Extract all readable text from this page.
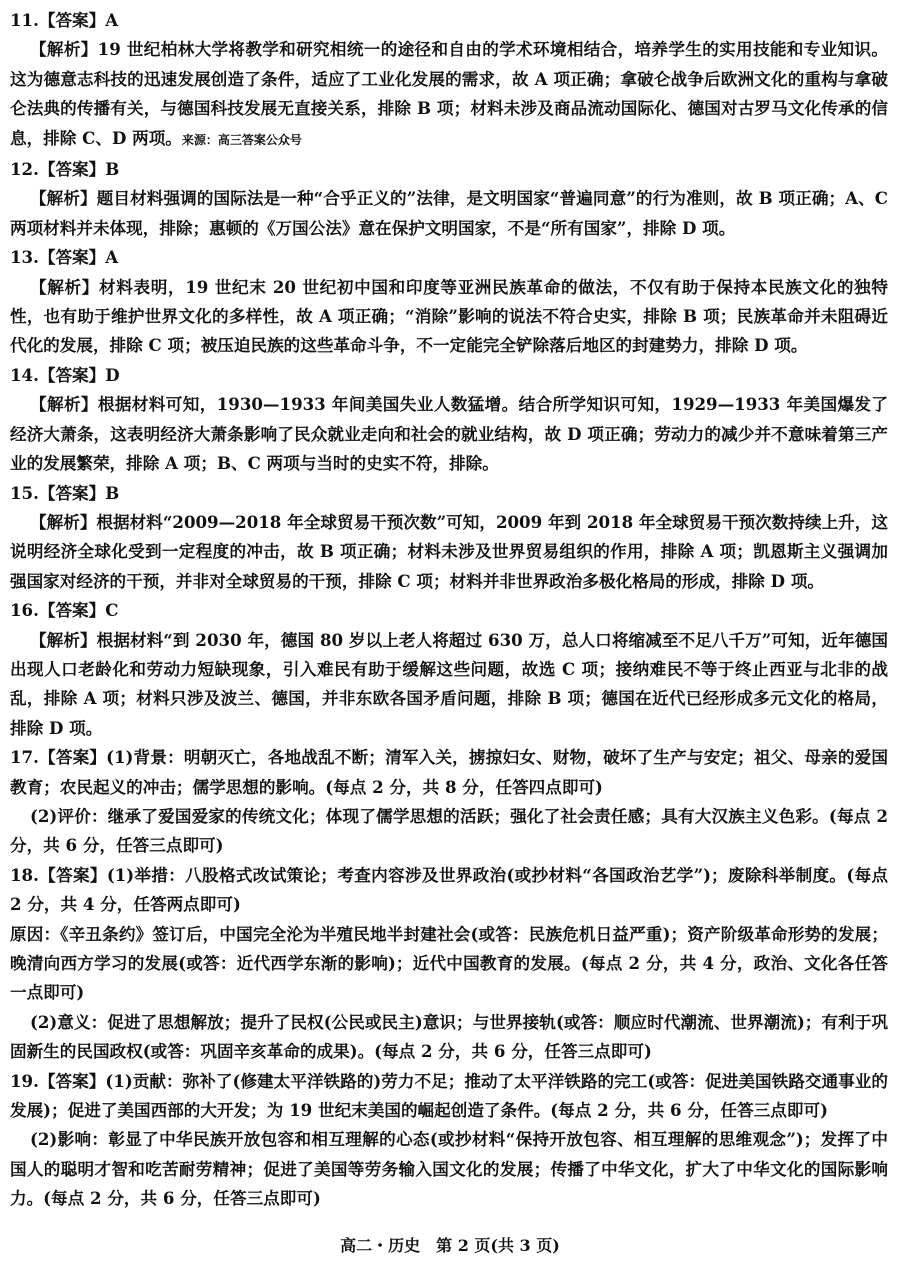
11.【答案】A

【解析】19 世纪柏林大学将教学和研究相统一的途径和自由的学术环境相结合，培养学生的实用技能和专业知识。这为德意志科技的迅速发展创造了条件，适应了工业化发展的需求，故 A 项正确；拿破仑战争后欧洲文化的重构与拿破仑法典的传播有关，与德国科技发展无直接关系，排除 B 项；材料未涉及商品流动国际化、德国对古罗马文化传承的信息，排除 C、D 两项。来源：高三答案公众号

12.【答案】B

【解析】题目材料强调的国际法是一种“合乎正义的”法律，是文明国家“普遍同意”的行为准则，故 B 项正确；A、C 两项材料并未体现，排除；惠顿的《万国公法》意在保护文明国家，不是“所有国家”，排除 D 项。

13.【答案】A

【解析】材料表明，19 世纪末 20 世纪初中国和印度等亚洲民族革命的做法，不仅有助于保持本民族文化的独特性，也有助于维护世界文化的多样性，故 A 项正确；“消除”影响的说法不符合史实，排除 B 项；民族革命并未阻碍近代化的发展，排除 C 项；被压迫民族的这些革命斗争，不一定能完全铲除落后地区的封建势力，排除 D 项。

14.【答案】D

【解析】根据材料可知，1930—1933 年间美国失业人数猛增。结合所学知识可知，1929—1933 年美国爆发了经济大萧条，这表明经济大萧条影响了民众就业走向和社会的就业结构，故 D 项正确；劳动力的减少并不意味着第三产业的发展繁荣，排除 A 项；B、C 两项与当时的史实不符，排除。

15.【答案】B

【解析】根据材料“2009—2018 年全球贸易干预次数”可知，2009 年到 2018 年全球贸易干预次数持续上升，这说明经济全球化受到一定程度的冲击，故 B 项正确；材料未涉及世界贸易组织的作用，排除 A 项；凯恩斯主义强调加强国家对经济的干预，并非对全球贸易的干预，排除 C 项；材料并非世界政治多极化格局的形成，排除 D 项。

16.【答案】C

【解析】根据材料“到 2030 年，德国 80 岁以上老人将超过 630 万，总人口将缩减至不足八千万”可知，近年德国出现人口老龄化和劳动力短缺现象，引入难民有助于缓解这些问题，故选 C 项；接纳难民不等于终止西亚与北非的战乱，排除 A 项；材料只涉及波兰、德国，并非东欧各国矛盾问题，排除 B 项；德国在近代已经形成多元文化的格局，排除 D 项。

17.【答案】(1)背景：明朝灭亡，各地战乱不断；清军入关，掳掠妇女、财物，破坏了生产与安定；祖父、母亲的爱国教育；农民起义的冲击；儒学思想的影响。(每点 2 分，共 8 分，任答四点即可)

(2)评价：继承了爱国爱家的传统文化；体现了儒学思想的活跃；强化了社会责任感；具有大汉族主义色彩。(每点 2 分，共 6 分，任答三点即可)

18.【答案】(1)举措：八股格式改试策论；考查内容涉及世界政治(或抄材料“各国政治艺学”)；废除科举制度。(每点 2 分，共 4 分，任答两点即可)

原因：《辛丑条约》签订后，中国完全沦为半殖民地半封建社会(或答：民族危机日益严重)；资产阶级革命形势的发展；晚清向西方学习的发展(或答：近代西学东渐的影响)；近代中国教育的发展。(每点 2 分，共 4 分，政治、文化各任答一点即可)

(2)意义：促进了思想解放；提升了民权(公民或民主)意识；与世界接轨(或答：顺应时代潮流、世界潮流)；有利于巩固新生的民国政权(或答：巩固辛亥革命的成果)。(每点 2 分，共 6 分，任答三点即可)

19.【答案】(1)贡献：弥补了(修建太平洋铁路的)劳力不足；推动了太平洋铁路的完工(或答：促进美国铁路交通事业的发展)；促进了美国西部的大开发；为 19 世纪末美国的崛起创造了条件。(每点 2 分，共 6 分，任答三点即可)

(2)影响：彰显了中华民族开放包容和相互理解的心态(或抄材料“保持开放包容、相互理解的思维观念”)；发挥了中国人的聪明才智和吃苦耐劳精神；促进了美国等劳务输入国文化的发展；传播了中华文化，扩大了中华文化的国际影响力。(每点 2 分，共 6 分，任答三点即可)

高二・历史　第 2 页(共 3 页)
